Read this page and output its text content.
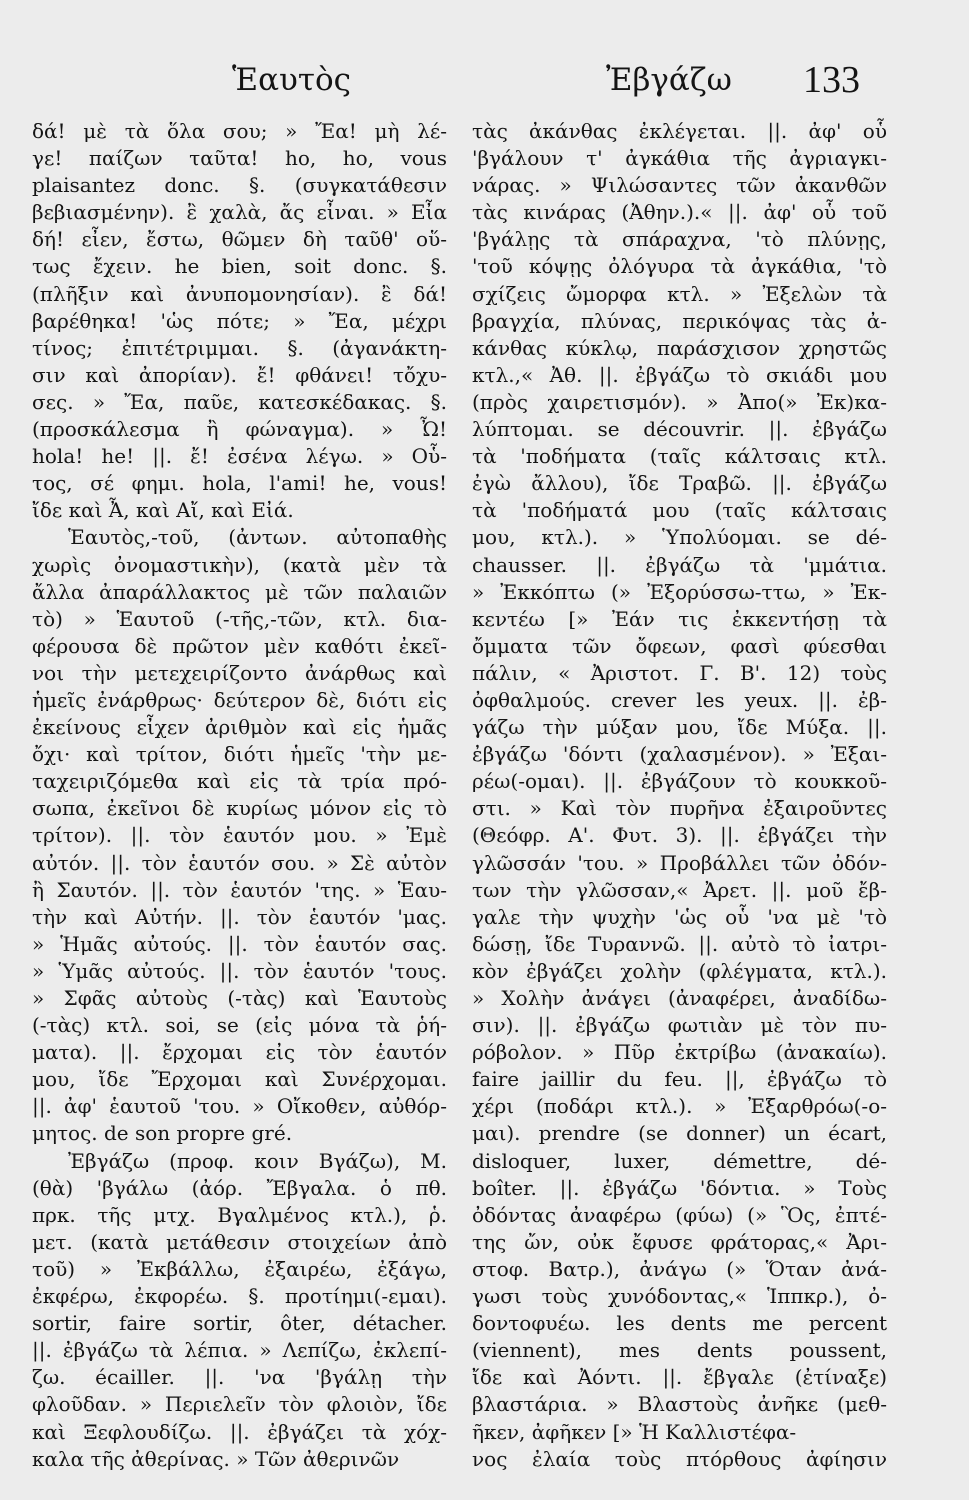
Ἑαυτὸς	Ἐβγάζω 133
δά! μὲ τὰ ὅλα σου; » Ἔα! μὴ λέ-
γε! παίζων ταῦτα! ho, ho, vous
plaisantez donc. §. (συγκατάθεσιν
βεβιασμένην). ἒ χαλὰ, ἄς εἶναι. » Εἶα
δή! εἶεν, ἔστω, θῶμεν δὴ ταῦθ' οὕ-
τως ἔχειν. he bien, soit donc. §.
(πλῆξιν καὶ ἀνυπομονησίαν). ἒ δά!
βαρέθηκα! 'ὡς πότε; » Ἔα, μέχρι
τίνος; ἐπιτέτριμμαι. §. (ἀγανάκτη-
σιν καὶ ἀπορίαν). ἔ! φθάνει! τὄχυ-
σες. » Ἔα, παῦε, κατεσκέδακας. §.
(προσκάλεσμα ἢ φώναγμα). » Ὦ!
hola! he! ||. ἔ! ἐσένα λέγω. » Οὗ-
τος, σέ φημι. hola, l'ami! he, vous!
ἴδε καὶ Ἆ, καὶ Αἴ, καὶ Εἰά.
Ἑαυτὸς,-τοῦ, (ἀντων. αὐτοπαθὴς
χωρὶς ὀνομαστικὴν), (κατὰ μὲν τὰ
ἄλλα ἀπαράλλακτος μὲ τῶν παλαιῶν
τὸ) » Ἑαυτοῦ (-τῆς,-τῶν, κτλ. δια-
φέρουσα δὲ πρῶτον μὲν καθότι ἐκεῖ-
νοι τὴν μετεχειρίζοντο ἀνάρθως καὶ
ἡμεῖς ἐνάρθρως· δεύτερον δὲ, διότι εἰς
ἐκείνους εἶχεν ἀριθμὸν καὶ εἰς ἡμᾶς
ὄχι· καὶ τρίτον, διότι ἡμεῖς 'τὴν με-
ταχειριζόμεθα καὶ εἰς τὰ τρία πρό-
σωπα, ἐκεῖνοι δὲ κυρίως μόνον εἰς τὸ
τρίτον). ||. τὸν ἑαυτόν μου. » Ἐμὲ
αὐτόν. ||. τὸν ἑαυτόν σου. » Σὲ αὐτὸν
ἢ Σαυτόν. ||. τὸν ἑαυτόν 'της. » Ἑαυ-
τὴν καὶ Αὐτήν. ||. τὸν ἑαυτόν 'μας.
» Ἡμᾶς αὐτούς. ||. τὸν ἑαυτόν σας.
» Ὑμᾶς αὐτούς. ||. τὸν ἑαυτόν 'τους.
» Σφᾶς αὐτοὺς (-τὰς) καὶ Ἑαυτοὺς
(-τὰς) κτλ. soi, se (εἰς μόνα τὰ ῥή-
ματα). ||. ἔρχομαι εἰς τὸν ἑαυτόν
μου, ἴδε Ἔρχομαι καὶ Συνέρχομαι.
||. ἀφ' ἑαυτοῦ 'του. » Οἴκοθεν, αὐθόρ-
μητος. de son propre gré.
Ἐβγάζω (προφ. κοιν Βγάζω), Μ.
(θὰ) 'βγάλω (ἀόρ. Ἔβγαλα. ὁ πθ.
πρκ. τῆς μτχ. Βγαλμένος κτλ.), ῥ.
μετ. (κατὰ μετάθεσιν στοιχείων ἀπὸ
τοῦ) » Ἐκβάλλω, ἐξαιρέω, ἐξάγω,
ἐκφέρω, ἐκφορέω. §. προτίημι(-εμαι).
sortir, faire sortir, ôter, détacher.
||. ἐβγάζω τὰ λέπια. » Λεπίζω, ἐκλεπί-
ζω. écailler. ||. 'να 'βγάλῃ τὴν
φλοῦδαν. » Περιελεῖν τὸν φλοιὸν, ἴδε
καὶ Ξεφλουδίζω. ||. ἐβγάζει τὰ χόχ-
καλα τῆς ἀθερίνας. » Τῶν ἀθερινῶν
τὰς ἀκάνθας ἐκλέγεται. ||. ἀφ' οὗ
'βγάλουν τ' ἀγκάθια τῆς ἀγριαγκι-
νάρας. » Ψιλώσαντες τῶν ἀκανθῶν
τὰς κινάρας (Ἀθην.).« ||. ἀφ' οὗ τοῦ
'βγάλῃς τὰ σπάραχνα, 'τὸ πλύνῃς,
'τοῦ κόψῃς ὀλόγυρα τὰ ἀγκάθια, 'τὸ
σχίζεις ὤμορφα κτλ. » Ἐξελὼν τὰ
βραγχία, πλύνας, περικόψας τὰς ἀ-
κάνθας κύκλῳ, παράσχισον χρηστῶς
κτλ.,« Ἀθ. ||. ἐβγάζω τὸ σκιάδι μου
(πρὸς χαιρετισμόν). » Ἀπο(» Ἐκ)κα-
λύπτομαι. se découvrir. ||. ἐβγάζω
τὰ 'ποδήματα (ταῖς κάλτσαις κτλ.
ἐγὼ ἄλλου), ἴδε Τραβῶ. ||. ἐβγάζω
τὰ 'ποδήματά μου (ταῖς κάλτσαις
μου, κτλ.). » Ὑπολύομαι. se dé-
chausser. ||. ἐβγάζω τὰ 'μμάτια.
» Ἐκκόπτω (» Ἐξορύσσω-ττω, » Ἐκ-
κεντέω [» Ἐάν τις ἐκκεντήσῃ τὰ
ὄμματα τῶν ὄφεων, φασὶ φύεσθαι
πάλιν, « Ἀριστοτ. Γ. Β'. 12) τοὺς
ὀφθαλμούς. crever les yeux. ||. ἐβ-
γάζω τὴν μύξαν μου, ἴδε Μύξα. ||.
ἐβγάζω 'δόντι (χαλασμένον). » Ἐξαι-
ρέω(-ομαι). ||. ἐβγάζουν τὸ κουκκοῦ-
στι. » Καὶ τὸν πυρῆνα ἐξαιροῦντες
(Θεόφρ. Α'. Φυτ. 3). ||. ἐβγάζει τὴν
γλῶσσάν 'του. » Προβάλλει τῶν ὀδόν-
των τὴν γλῶσσαν,« Ἀρετ. ||. μοῦ ἔβ-
γαλε τὴν ψυχὴν 'ὡς οὗ 'να μὲ 'τὸ
δώσῃ, ἴδε Τυραννῶ. ||. αὐτὸ τὸ ἰατρι-
κὸν ἐβγάζει χολὴν (φλέγματα, κτλ.).
» Χολὴν ἀνάγει (ἀναφέρει, ἀναδίδω-
σιν). ||. ἐβγάζω φωτιὰν μὲ τὸν πυ-
ρόβολον. » Πῦρ ἐκτρίβω (ἀνακαίω).
faire jaillir du feu. ||, ἐβγάζω τὸ
χέρι (ποδάρι κτλ.). » Ἐξαρθρόω(-ο-
μαι). prendre (se donner) un écart,
disloquer, luxer, démettre, dé-
boîter. ||. ἐβγάζω 'δόντια. » Τοὺς
ὀδόντας ἀναφέρω (φύω) (» Ὃς, ἐπτέ-
της ὤν, οὐκ ἔφυσε φράτορας,« Ἀρι-
στοφ. Βατρ.), ἀνάγω (» Ὅταν ἀνά-
γωσι τοὺς χυνόδοντας,« Ἱππκρ.), ὀ-
δοντοφυέω. les dents me percent
(viennent), mes dents poussent,
ἴδε καὶ Ἀόντι. ||. ἔβγαλε (ἐτίναξε)
βλαστάρια. » Βλαστοὺς ἀνῆκε (μεθ-
ῆκεν, ἀφῆκεν [» Ἡ Καλλιστέφα-
νος ἐλαία τοὺς πτόρθους ἀφίησιν
